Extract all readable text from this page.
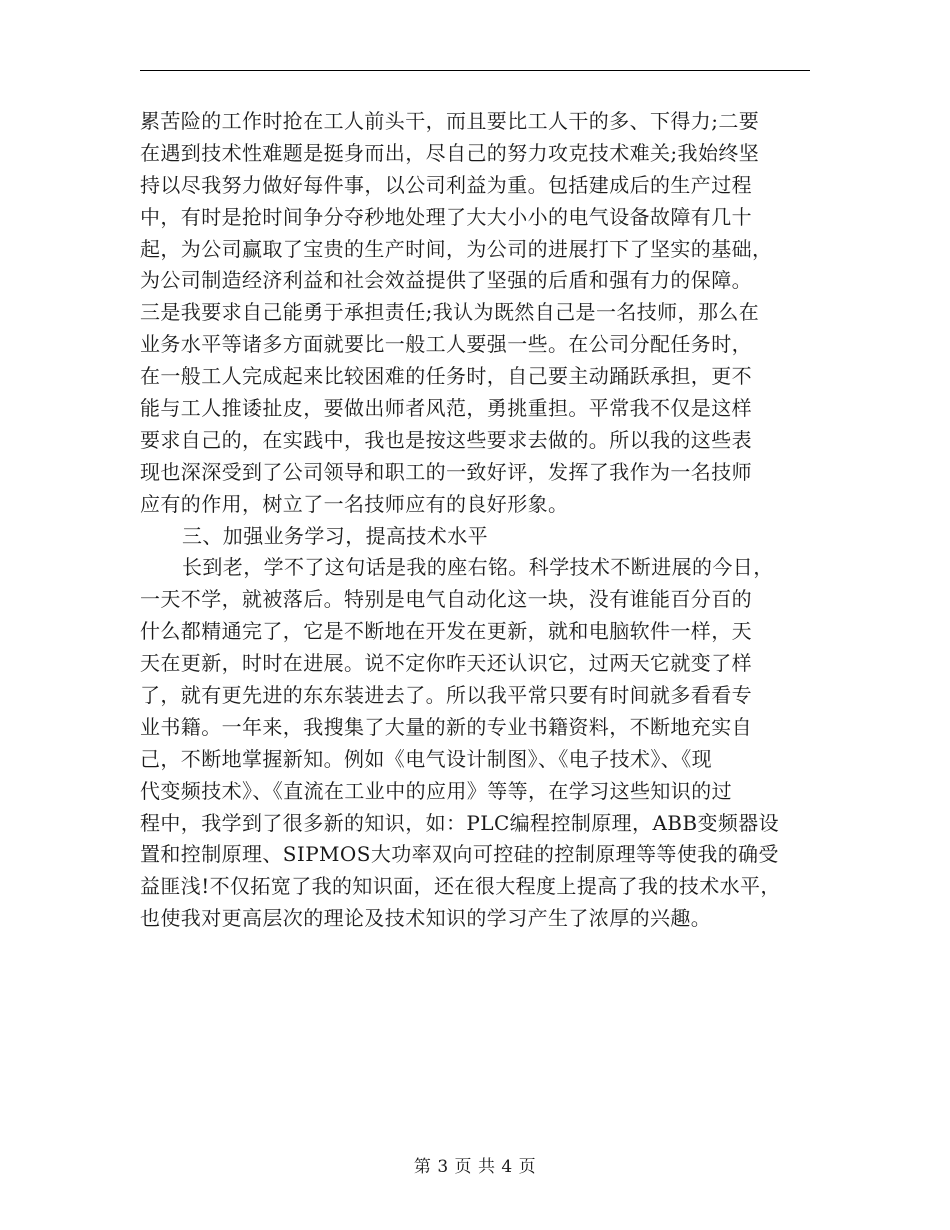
累苦险的工作时抢在工人前头干，而且要比工人干的多、下得力;二要
在遇到技术性难题是挺身而出，尽自己的努力攻克技术难关;我始终坚
持以尽我努力做好每件事，以公司利益为重。包括建成后的生产过程
中，有时是抢时间争分夺秒地处理了大大小小的电气设备故障有几十
起，为公司赢取了宝贵的生产时间，为公司的进展打下了坚实的基础，
为公司制造经济利益和社会效益提供了坚强的后盾和强有力的保障。
三是我要求自己能勇于承担责任;我认为既然自己是一名技师，那么在
业务水平等诸多方面就要比一般工人要强一些。在公司分配任务时，
在一般工人完成起来比较困难的任务时，自己要主动踊跃承担，更不
能与工人推诿扯皮，要做出师者风范，勇挑重担。平常我不仅是这样
要求自己的，在实践中，我也是按这些要求去做的。所以我的这些表
现也深深受到了公司领导和职工的一致好评，发挥了我作为一名技师
应有的作用，树立了一名技师应有的良好形象。
三、加强业务学习，提高技术水平
长到老，学不了这句话是我的座右铭。科学技术不断进展的今日，
一天不学，就被落后。特别是电气自动化这一块，没有谁能百分百的
什么都精通完了，它是不断地在开发在更新，就和电脑软件一样，天
天在更新，时时在进展。说不定你昨天还认识它，过两天它就变了样
了，就有更先进的东东装进去了。所以我平常只要有时间就多看看专
业书籍。一年来，我搜集了大量的新的专业书籍资料，不断地充实自
己，不断地掌握新知。例如《电气设计制图》、《电子技术》、《现
代变频技术》、《直流在工业中的应用》等等，在学习这些知识的过
程中，我学到了很多新的知识，如：PLC编程控制原理，ABB变频器设
置和控制原理、SIPMOS大功率双向可控硅的控制原理等等使我的确受
益匪浅!不仅拓宽了我的知识面，还在很大程度上提高了我的技术水平，
也使我对更高层次的理论及技术知识的学习产生了浓厚的兴趣。
第 3 页 共 4 页
